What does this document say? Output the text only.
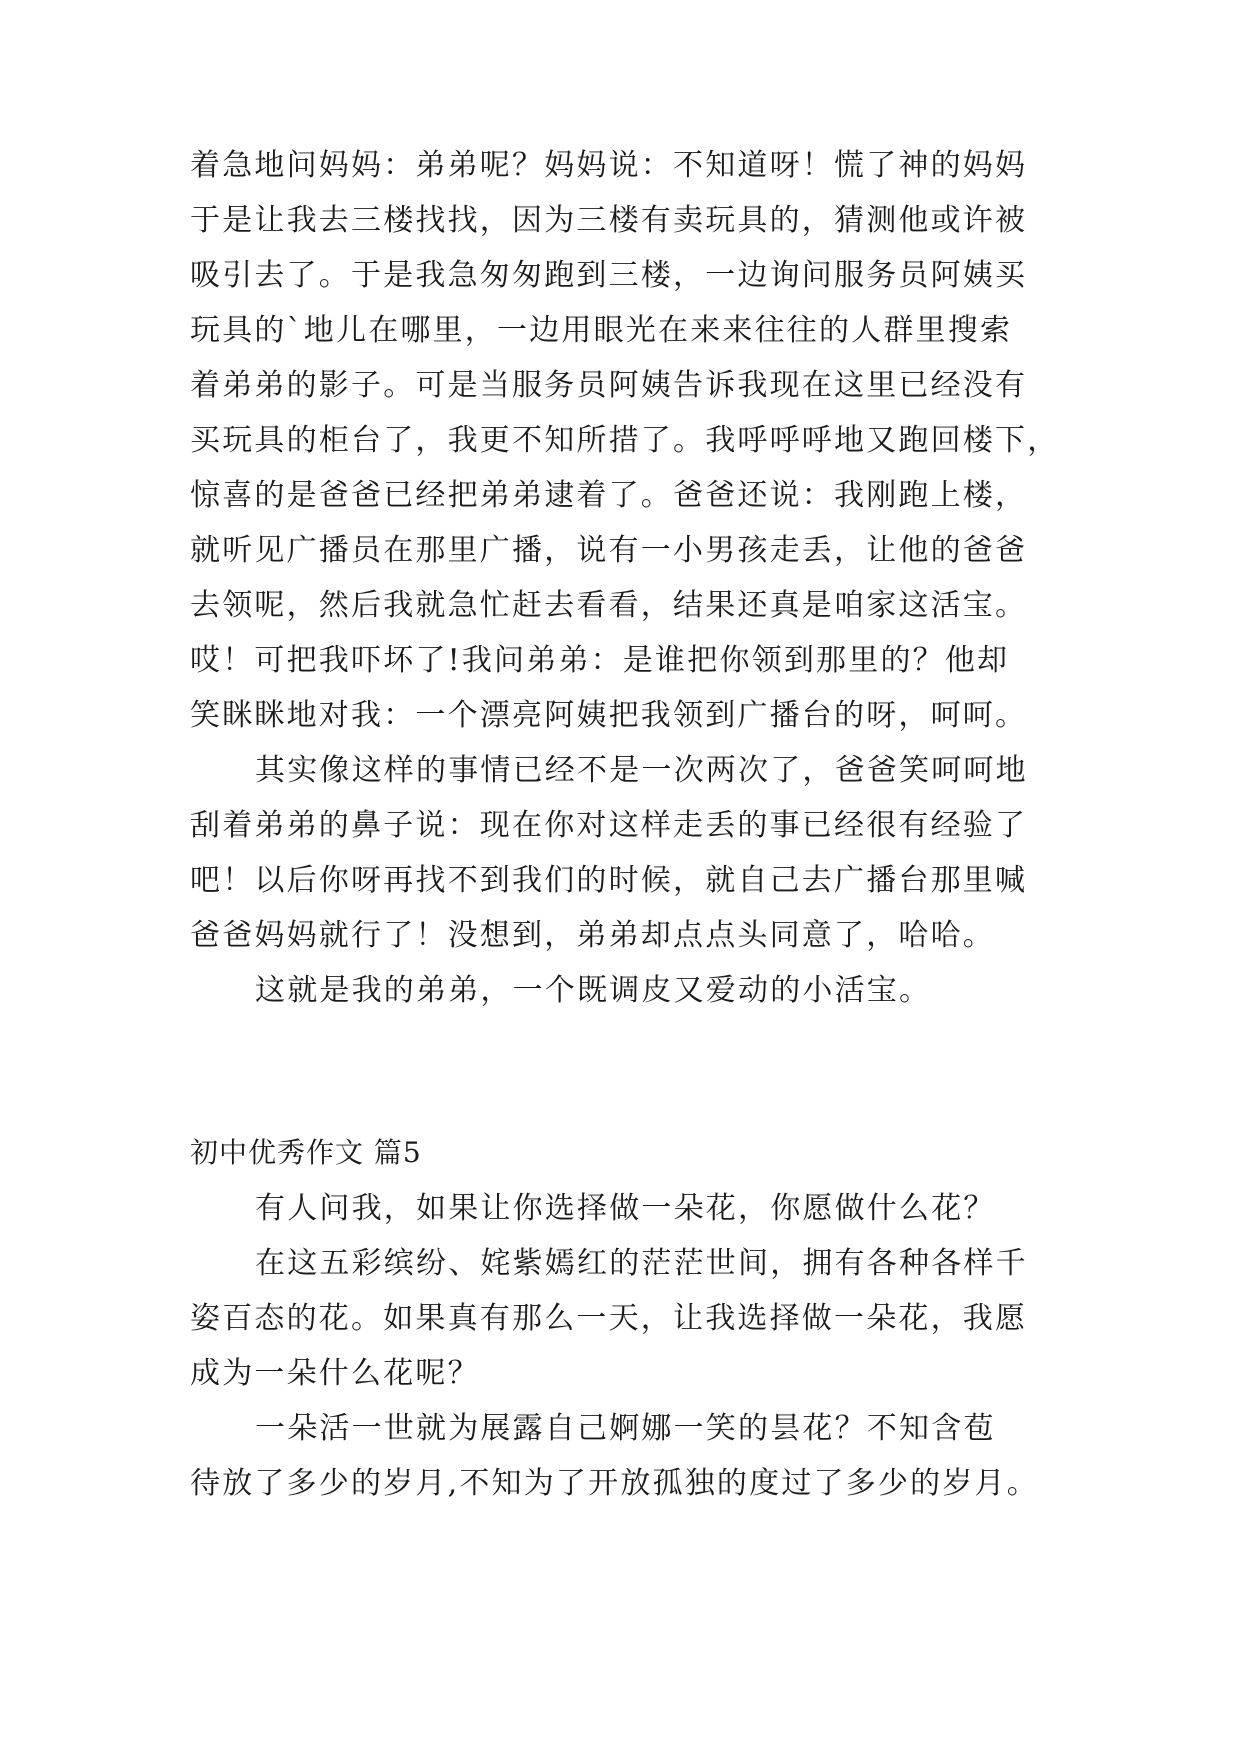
着急地问妈妈：弟弟呢？妈妈说：不知道呀！慌了神的妈妈
于是让我去三楼找找，因为三楼有卖玩具的，猜测他或许被
吸引去了。于是我急匆匆跑到三楼，一边询问服务员阿姨买
玩具的`地儿在哪里，一边用眼光在来来往往的人群里搜索
着弟弟的影子。可是当服务员阿姨告诉我现在这里已经没有
买玩具的柜台了，我更不知所措了。我呼呼呼地又跑回楼下，
惊喜的是爸爸已经把弟弟逮着了。爸爸还说：我刚跑上楼，
就听见广播员在那里广播，说有一小男孩走丢，让他的爸爸
去领呢，然后我就急忙赶去看看，结果还真是咱家这活宝。
哎！可把我吓坏了!我问弟弟：是谁把你领到那里的？他却
笑眯眯地对我：一个漂亮阿姨把我领到广播台的呀，呵呵。
其实像这样的事情已经不是一次两次了，爸爸笑呵呵地
刮着弟弟的鼻子说：现在你对这样走丢的事已经很有经验了
吧！以后你呀再找不到我们的时候，就自己去广播台那里喊
爸爸妈妈就行了！没想到，弟弟却点点头同意了，哈哈。
这就是我的弟弟，一个既调皮又爱动的小活宝。
初中优秀作文 篇5
有人问我，如果让你选择做一朵花，你愿做什么花？
在这五彩缤纷、姹紫嫣红的茫茫世间，拥有各种各样千
姿百态的花。如果真有那么一天，让我选择做一朵花，我愿
成为一朵什么花呢？
一朵活一世就为展露自己婀娜一笑的昙花？不知含苞
待放了多少的岁月,不知为了开放孤独的度过了多少的岁月。
